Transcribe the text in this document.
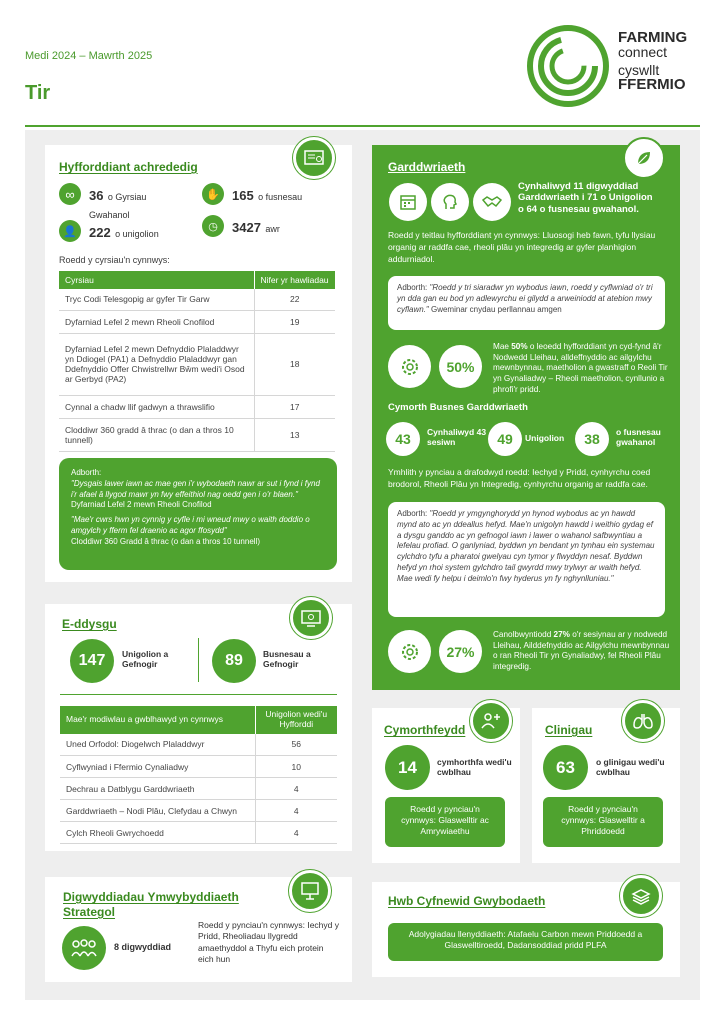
Medi 2024 – Mawrth 2025
Tir
FARMING
connect
cyswllt
FFERMIO
Hyfforddiant achrededig
∞ 36 o Gyrsiau Gwahanol
✋ 165 o fusnesau
👤 222 o unigolion
◷ 3427 awr
Roedd y cyrsiau'n cynnwys:
Cyrsiau	Nifer yr hawliadau
Tryc Codi Telesgopig ar gyfer Tir Garw	22
Dyfarniad Lefel 2 mewn Rheoli Cnofilod	19
Dyfarniad Lefel 2 mewn Defnyddio Plaladdwyr yn Ddiogel (PA1) a Defnyddio Plaladdwyr gan Ddefnyddio Offer Chwistrellwr Bŵm wedi'i Osod ar Gerbyd (PA2)	18
Cynnal a chadw llif gadwyn a thrawslifio	17
Cloddiwr 360 gradd â thrac (o dan a thros 10 tunnell)	13
Adborth:
"Dysgais lawer iawn ac mae gen i'r wybodaeth nawr ar sut i fynd i fynd i'r afael â llygod mawr yn fwy effeithiol nag oedd gen i o'r blaen."
Dyfarniad Lefel 2 mewn Rheoli Cnofilod
"Mae'r cwrs hwn yn cynnig y cyfle i mi wneud mwy o waith doddio o amgylch y fferm fel draenio ac agor ffosydd"
Cloddiwr 360 Gradd â thrac (o dan a thros 10 tunnell)
E-ddysgu
147	Unigolion a Gefnogir	89	Busnesau a Gefnogir
Mae'r modiwlau a gwblhawyd yn cynnwys	Unigolion wedi'u Hyfforddi
Uned Orfodol: Diogelwch Plaladdwyr	56
Cyflwyniad i Ffermio Cynaliadwy	10
Dechrau a Datblygu Garddwriaeth	4
Garddwriaeth – Nodi Plâu, Clefydau a Chwyn	4
Cylch Rheoli Gwrychoedd	4
Digwyddiadau Ymwybyddiaeth Strategol
8 digwyddiad
Roedd y pynciau'n cynnwys: Iechyd y Pridd, Rheoliadau llygredd amaethyddol a Thyfu eich protein eich hun
Garddwriaeth
Cynhaliwyd 11 digwyddiad Garddwriaeth i 71 o Unigolion o 64 o fusnesau gwahanol.
Roedd y teitlau hyfforddiant yn cynnwys: Lluosogi heb fawn, tyfu llysiau organig ar raddfa cae, rheoli plâu yn integredig ar gyfer planhigion addurniadol.
Adborth: "Roedd y tri siaradwr yn wybodus iawn, roedd y cyflwniad o'r tri yn dda gan eu bod yn adlewyrchu ei gilydd a arweiniodd at atebion mwy cyflawn." Gweminar cnydau perllannau amgen
50%
Mae 50% o leoedd hyfforddiant yn cyd-fynd â'r Nodwedd Lleihau, alldeffnyddio ac ailgylchu mewnbynnau, maetholion a gwastraff o Reoli Tir yn Gynaliadwy – Rheoli maetholion, cynllunio a phrofi'r pridd.
Cymorth Busnes Garddwriaeth
43	Cynhaliwyd 43 sesiwn	49	Unigolion	38	o fusnesau gwahanol
Ymhlith y pynciau a drafodwyd roedd: Iechyd y Pridd, cynhyrchu coed brodorol, Rheoli Plâu yn Integredig, cynhyrchu organig ar raddfa cae.
Adborth: "Roedd yr ymgynghorydd yn hynod wybodus ac yn hawdd mynd ato ac yn ddeallus hefyd. Mae'n unigolyn hawdd i weithio gydag ef a dysgu ganddo ac yn gefnogol iawn i lawer o wahanol safbwyntiau a lefelau profiad. O ganlyniad, byddwn yn bendant yn tynhau ein systemau cylchdro tyfu a pharatoi gwelyau cyn tymor y flwyddyn nesaf. Byddwn hefyd yn rhoi system gylchdro tail gwyrdd mwy trylwyr ar waith hefyd. Mae wedi fy helpu i deimlo'n fwy hyderus yn fy nghynlluniau."
27%
Canolbwyntiodd 27% o'r sesiynau ar y nodwedd Lleihau, Ailddefnyddio ac Ailgylchu mewnbynnau o ran Rheoli Tir yn Gynaliadwy, fel Rheoli Plâu integredig.
Cymorthfeydd
14	cymhorthfa wedi'u cwblhau
Roedd y pynciau'n cynnwys: Glaswelltir ac Amrywiaethu
Clinigau
63	o glinigau wedi'u cwblhau
Roedd y pynciau'n cynnwys: Glaswelltir a Phriddoedd
Hwb Cyfnewid Gwybodaeth
Adolygiadau llenyddiaeth: Atafaelu Carbon mewn Priddoedd a Glaswelltiroedd, Dadansoddiad pridd PLFA
